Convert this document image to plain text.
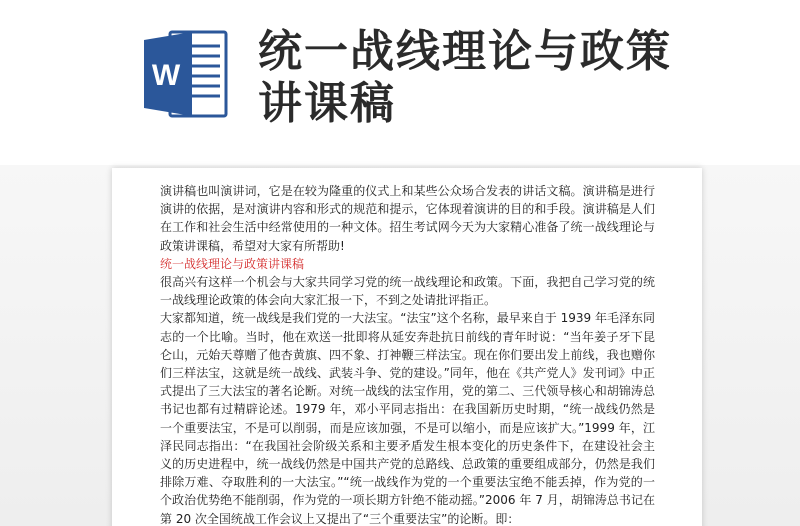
W 统一战线理论与政策
讲课稿

演讲稿也叫演讲词，它是在较为隆重的仪式上和某些公众场合发表的讲话文稿。演讲稿是进行演讲的依据，是对演讲内容和形式的规范和提示，它体现着演讲的目的和手段。演讲稿是人们在工作和社会生活中经常使用的一种文体。招生考试网今天为大家精心准备了统一战线理论与政策讲课稿，希望对大家有所帮助!

统一战线理论与政策讲课稿

很高兴有这样一个机会与大家共同学习党的统一战线理论和政策。下面，我把自己学习党的统一战线理论政策的体会向大家汇报一下，不到之处请批评指正。

大家都知道，统一战线是我们党的一大法宝。“法宝”这个名称，最早来自于 1939 年毛泽东同志的一个比喻。当时，他在欢送一批即将从延安奔赴抗日前线的青年时说：“当年姜子牙下昆仑山，元始天尊赠了他杏黄旗、四不象、打神鞭三样法宝。现在你们要出发上前线，我也赠你们三样法宝，这就是统一战线、武装斗争、党的建设。”同年，他在《共产党人》发刊词》中正式提出了三大法宝的著名论断。对统一战线的法宝作用，党的第二、三代领导核心和胡锦涛总书记也都有过精辟论述。1979 年，邓小平同志指出：在我国新历史时期，“统一战线仍然是一个重要法宝，不是可以削弱，而是应该加强，不是可以缩小，而是应该扩大。”1999 年，江泽民同志指出：“在我国社会阶级关系和主要矛盾发生根本变化的历史条件下，在建设社会主义的历史进程中，统一战线仍然是中国共产党的总路线、总政策的重要组成部分，仍然是我们排除万难、夺取胜利的一大法宝。”“统一战线作为党的一个重要法宝绝不能丢掉，作为党的一个政治优势绝不能削弱，作为党的一项长期方针绝不能动摇。”2006 年 7 月，胡锦涛总书记在第 20 次全国统战工作会议上又提出了“三个重要法宝”的论断。即：
